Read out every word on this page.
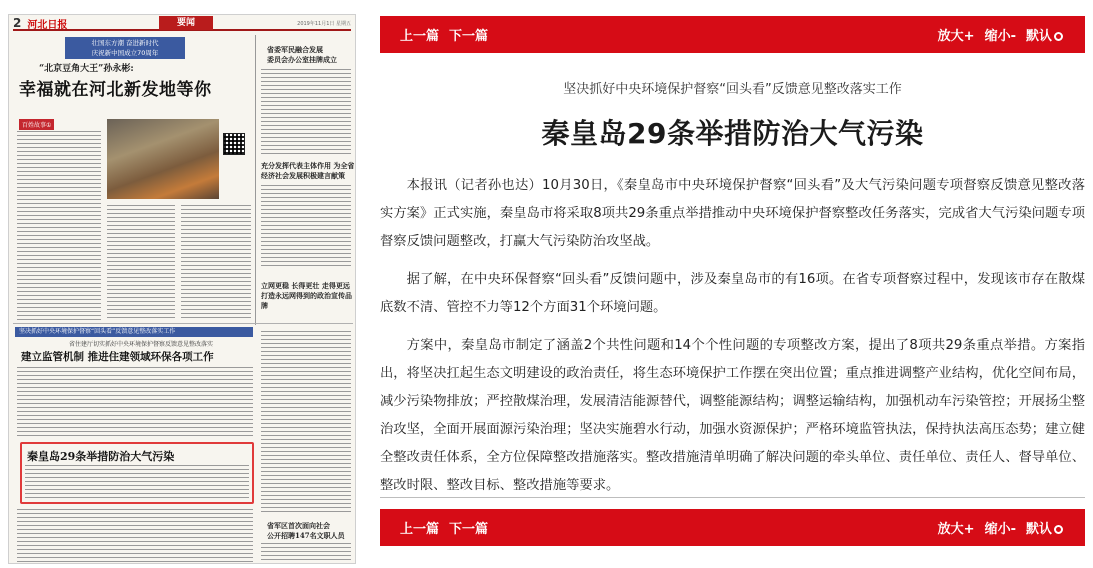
2 河北日报	2019年11月1日 星期五
要闻
壮国东方潮 奋进新时代
庆祝新中国成立70周年
“北京豆角大王”孙永彬:
幸福就在河北新发地等你
百姓故事①
省委军民融合发展
委员会办公室挂牌成立
充分发挥代表主体作用 为全省
经济社会发展积极建言献策
立网更稳 长得更壮 走得更远
打造永远网得到的政治宣传品牌
坚决抓好中央环境保护督察“回头看”反馈意见整改落实工作
省住建厅切实抓好中央环境保护督察反馈意见整改落实
建立监管机制 推进住建领域环保各项工作
秦皇岛29条举措防治大气污染
省军区首次面向社会
公开招聘147名文职人员
上一篇 下一篇	放大+ 缩小- 默认
坚决抓好中央环境保护督察“回头看”反馈意见整改落实工作
秦皇岛29条举措防治大气污染

本报讯（记者孙也达）10月30日，《秦皇岛市中央环境保护督察“回头看”及大气污染问题专项督察反馈意见整改落实方案》正式实施，秦皇岛市将采取8项共29条重点举措推动中央环境保护督察整改任务落实，完成省大气污染问题专项督察反馈问题整改，打赢大气污染防治攻坚战。

据了解，在中央环保督察“回头看”反馈问题中，涉及秦皇岛市的有16项。在省专项督察过程中，发现该市存在散煤底数不清、管控不力等12个方面31个环境问题。

方案中，秦皇岛市制定了涵盖2个共性问题和14个个性问题的专项整改方案，提出了8项共29条重点举措。方案指出，将坚决扛起生态文明建设的政治责任，将生态环境保护工作摆在突出位置；重点推进调整产业结构，优化空间布局，减少污染物排放；严控散煤治理，发展清洁能源替代，调整能源结构；调整运输结构，加强机动车污染管控；开展扬尘整治攻坚，全面开展面源污染治理；坚决实施碧水行动，加强水资源保护；严格环境监管执法，保持执法高压态势；建立健全整改责任体系，全方位保障整改措施落实。整改措施清单明确了解决问题的牵头单位、责任单位、责任人、督导单位、整改时限、整改目标、整改措施等要求。

上一篇 下一篇	放大+ 缩小- 默认
